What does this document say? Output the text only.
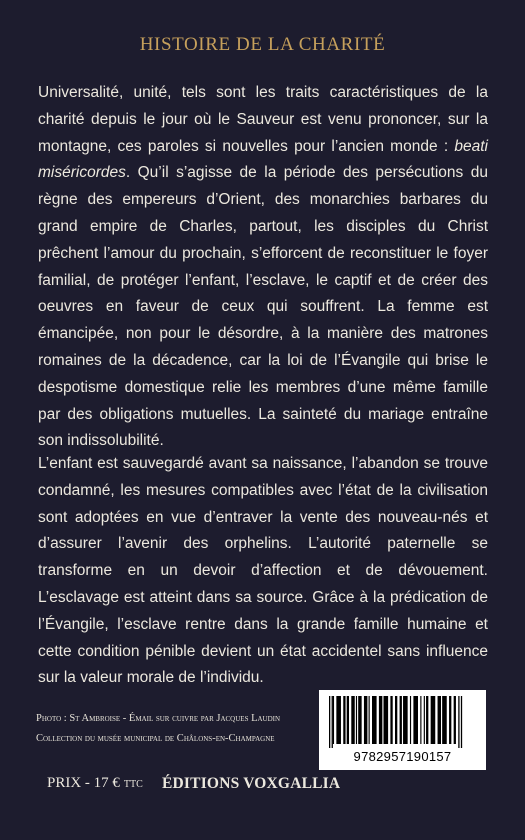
HISTOIRE DE LA CHARITÉ
Universalité, unité, tels sont les traits caractéristiques de la charité depuis le jour où le Sauveur est venu prononcer, sur la montagne, ces paroles si nouvelles pour l’ancien monde : beati miséricordes. Qu’il s’agisse de la période des persécutions du règne des empereurs d’Orient, des monarchies barbares du grand empire de Charles, partout, les disciples du Christ prêchent l’amour du prochain, s’efforcent de reconstituer le foyer familial, de protéger l’enfant, l’esclave, le captif et de créer des oeuvres en faveur de ceux qui souffrent. La femme est émancipée, non pour le désordre, à la manière des matrones romaines de la décadence, car la loi de l’Évangile qui brise le despotisme domestique relie les membres d’une même famille par des obligations mutuelles. La sainteté du mariage entraîne son indissolubilité.
L’enfant est sauvegardé avant sa naissance, l’abandon se trouve condamné, les mesures compatibles avec l’état de la civilisation sont adoptées en vue d’entraver la vente des nouveau-nés et d’assurer l’avenir des orphelins. L’autorité paternelle se transforme en un devoir d’affection et de dévouement. L’esclavage est atteint dans sa source. Grâce à la prédication de l’Évangile, l’esclave rentre dans la grande famille humaine et cette condition pénible devient un état accidentel sans influence sur la valeur morale de l’individu.
Photo : St Ambroise - Émail sur cuivre par Jacques Laudin
Collection du musée municipal de Châlons-en-Champagne
9782957190157
PRIX - 17 € TTC ÉDITIONS VOXGALLIA
